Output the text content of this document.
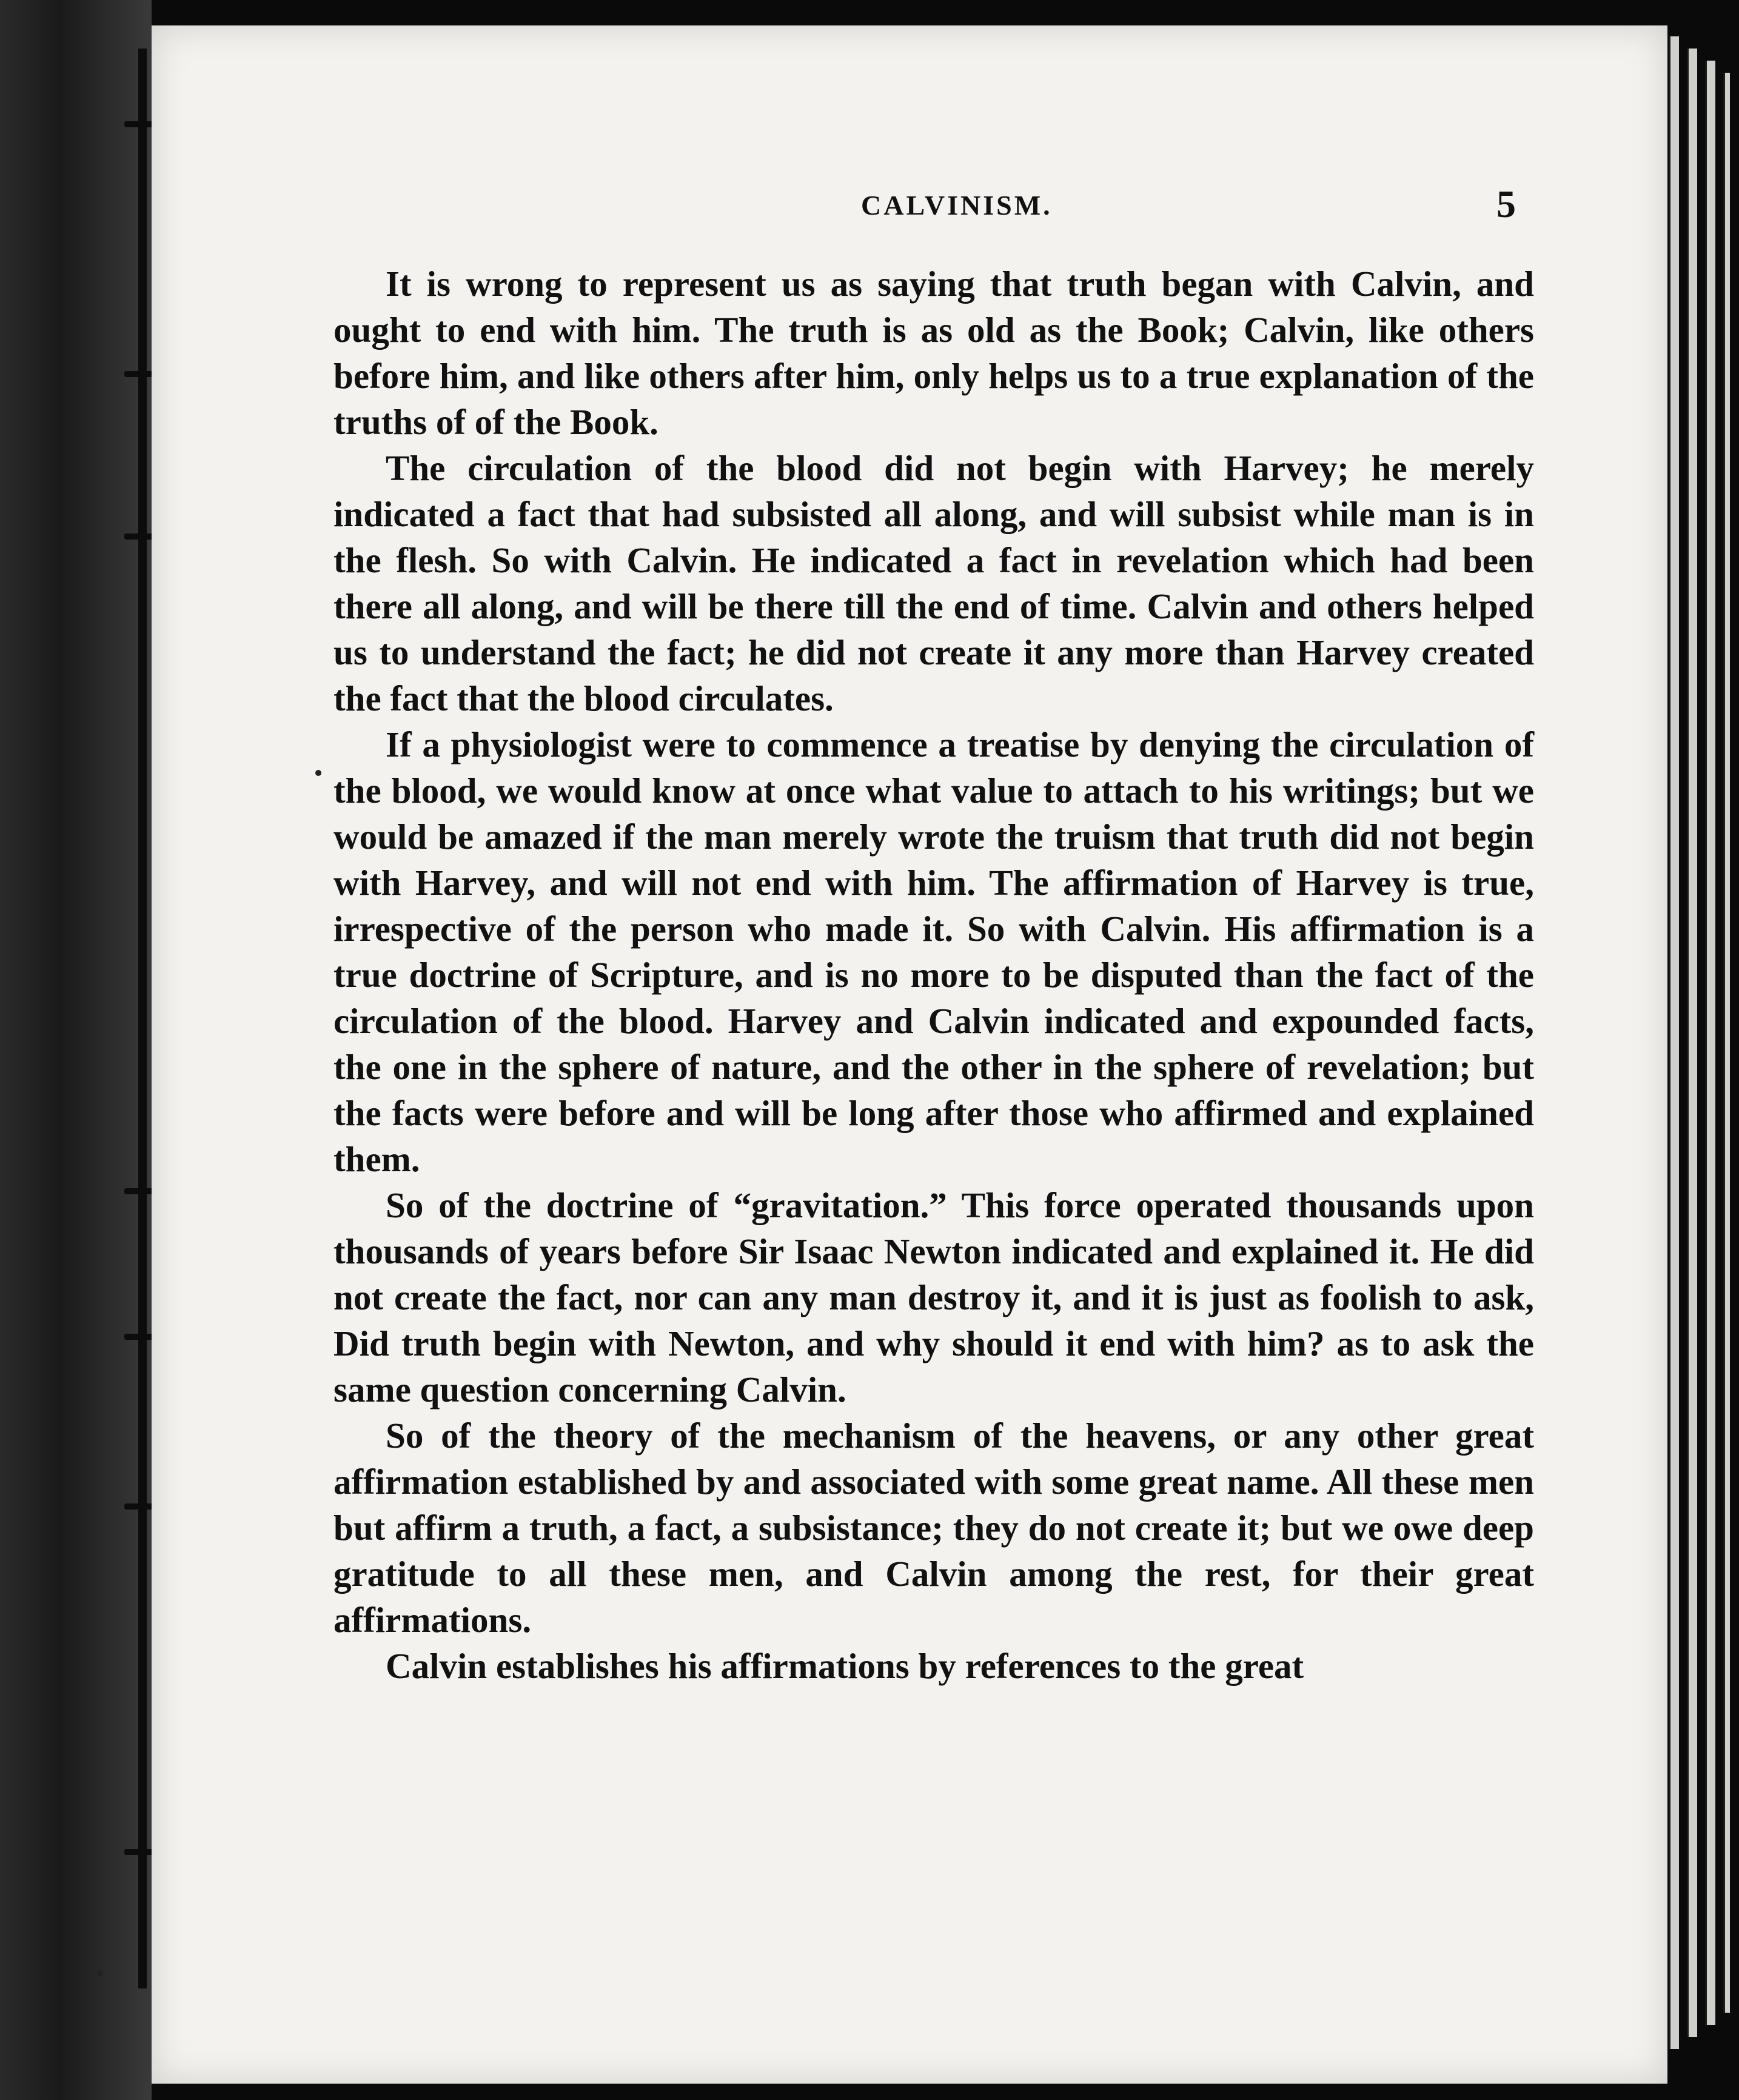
CALVINISM.	5

It is wrong to represent us as saying that truth began with Calvin, and ought to end with him. The truth is as old as the Book; Calvin, like others before him, and like others after him, only helps us to a true explanation of the truths of of the Book.

The circulation of the blood did not begin with Harvey; he merely indicated a fact that had subsisted all along, and will subsist while man is in the flesh. So with Calvin. He indicated a fact in revelation which had been there all along, and will be there till the end of time. Calvin and others helped us to understand the fact; he did not create it any more than Harvey created the fact that the blood circulates.

If a physiologist were to commence a treatise by denying the circulation of the blood, we would know at once what value to attach to his writings; but we would be amazed if the man merely wrote the truism that truth did not begin with Harvey, and will not end with him. The affirmation of Harvey is true, irrespective of the person who made it. So with Calvin. His affirmation is a true doctrine of Scripture, and is no more to be disputed than the fact of the circulation of the blood. Harvey and Calvin indicated and expounded facts, the one in the sphere of nature, and the other in the sphere of revelation; but the facts were before and will be long after those who affirmed and explained them.

So of the doctrine of “gravitation.” This force operated thousands upon thousands of years before Sir Isaac Newton indicated and explained it. He did not create the fact, nor can any man destroy it, and it is just as foolish to ask, Did truth begin with Newton, and why should it end with him? as to ask the same question concerning Calvin.

So of the theory of the mechanism of the heavens, or any other great affirmation established by and associated with some great name. All these men but affirm a truth, a fact, a subsistance; they do not create it; but we owe deep gratitude to all these men, and Calvin among the rest, for their great affirmations.

Calvin establishes his affirmations by references to the great
